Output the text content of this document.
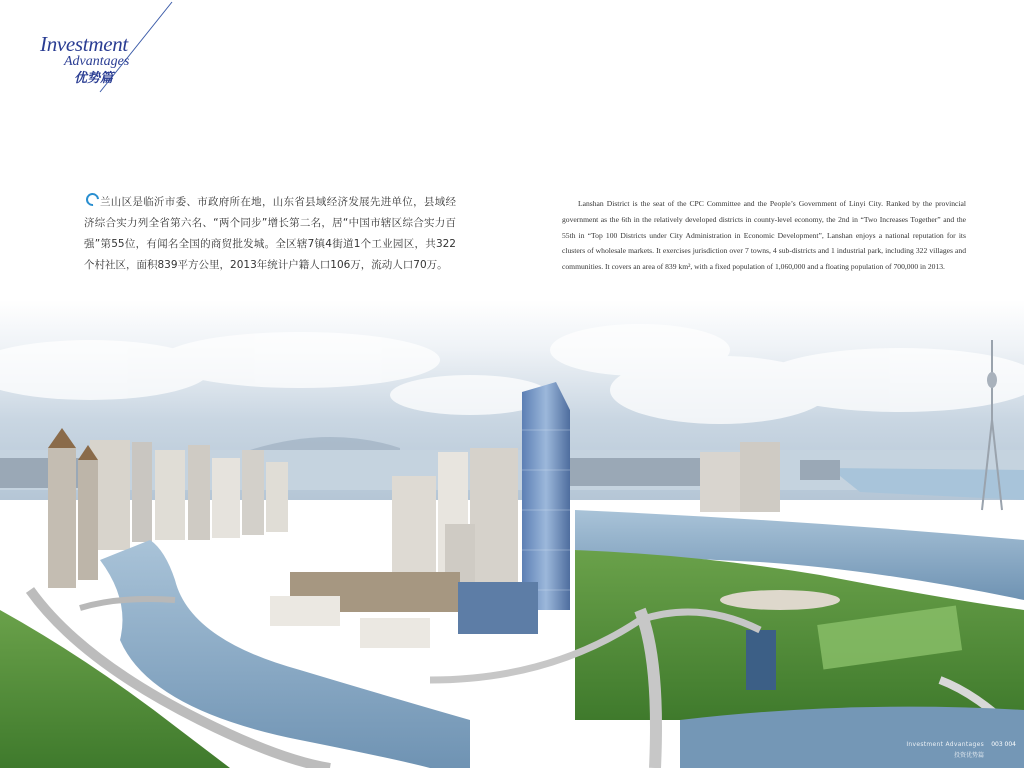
Investment
Advantages
优势篇

兰山区是临沂市委、市政府所在地，山东省县域经济发展先进单位，县域经济综合实力列全省第六名、“两个同步”增长第二名，居“中国市辖区综合实力百强”第55位，有闻名全国的商贸批发城。全区辖7镇4街道1个工业园区，共322个村社区，面积839平方公里，2013年统计户籍人口106万，流动人口70万。

Lanshan District is the seat of the CPC Committee and the People’s Government of Linyi City. Ranked by the provincial government as the 6th in the relatively developed districts in county-level economy, the 2nd in “Two Increases Together” and the 55th in “Top 100 Districts under City Administration in Economic Development”, Lanshan enjoys a national reputation for its clusters of wholesale markets. It exercises jurisdiction over 7 towns, 4 sub-districts and 1 industrial park, including 322 villages and communities. It covers an area of 839 km², with a fixed population of 1,060,000 and a floating population of 700,000 in 2013.

Investment Advantages 003 004
投资优势篇
